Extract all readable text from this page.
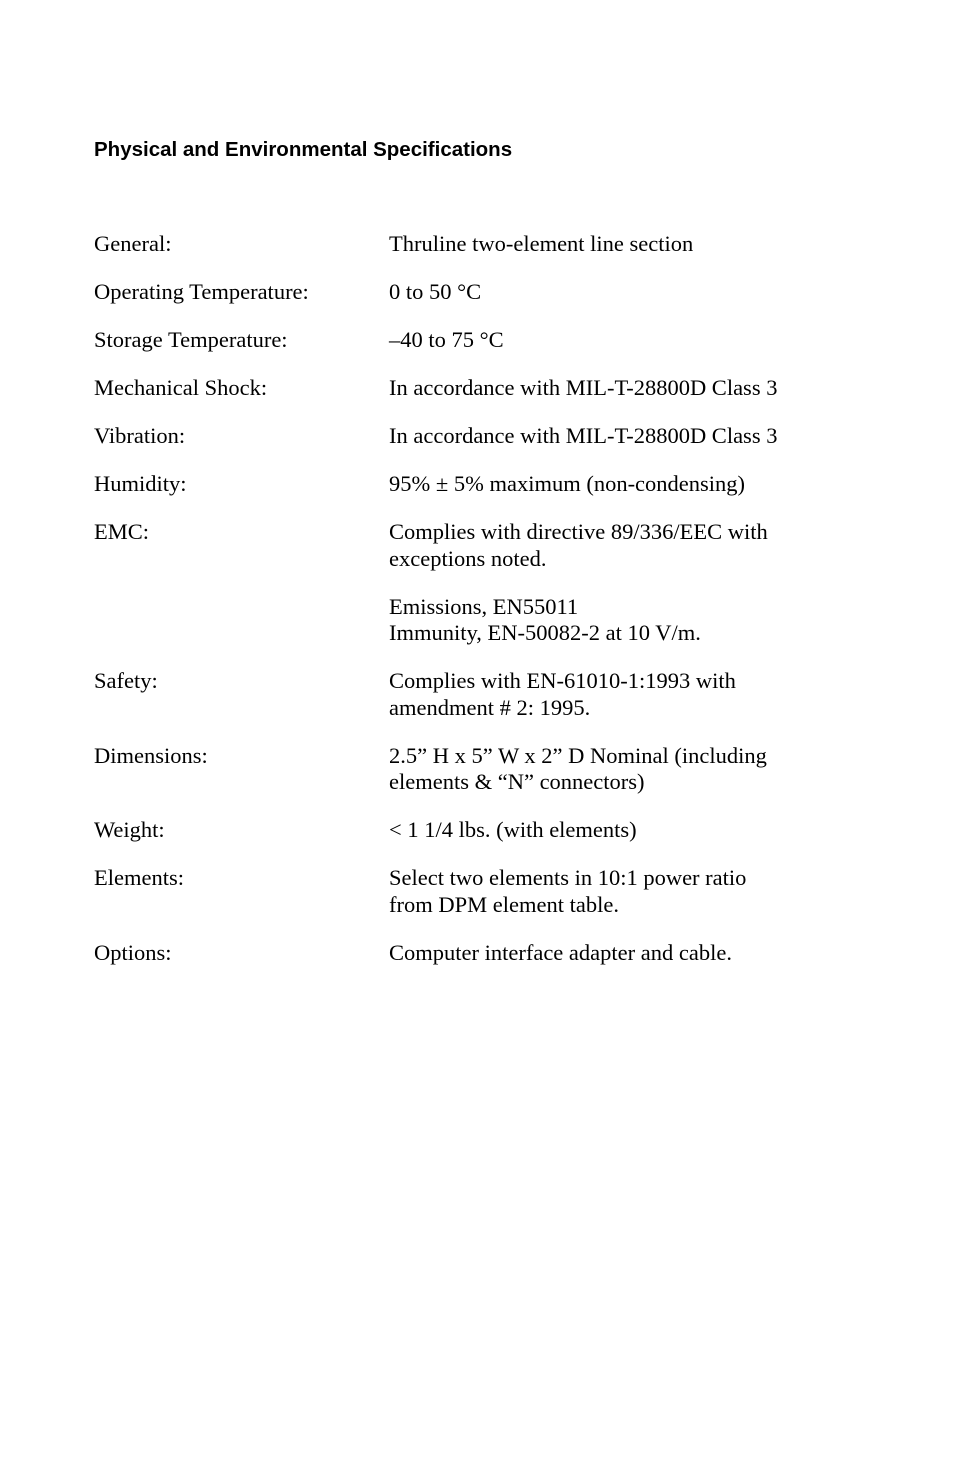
Physical and Environmental Specifications
General:	Thruline two-element line section
Operating Temperature:	0 to 50 °C
Storage Temperature:	–40 to 75 °C
Mechanical Shock:	In accordance with MIL-T-28800D Class 3
Vibration:	In accordance with MIL-T-28800D Class 3
Humidity:	95% ± 5% maximum (non-condensing)
EMC:	Complies with directive 89/336/EEC with
exceptions noted.
Emissions, EN55011
Immunity, EN-50082-2 at 10 V/m.
Safety:	Complies with EN-61010-1:1993 with
amendment # 2: 1995.
Dimensions:	2.5” H x 5” W x 2” D Nominal (including
elements & “N” connectors)
Weight:	< 1 1/4 lbs. (with elements)
Elements:	Select two elements in 10:1 power ratio
from DPM element table.
Options:	Computer interface adapter and cable.
